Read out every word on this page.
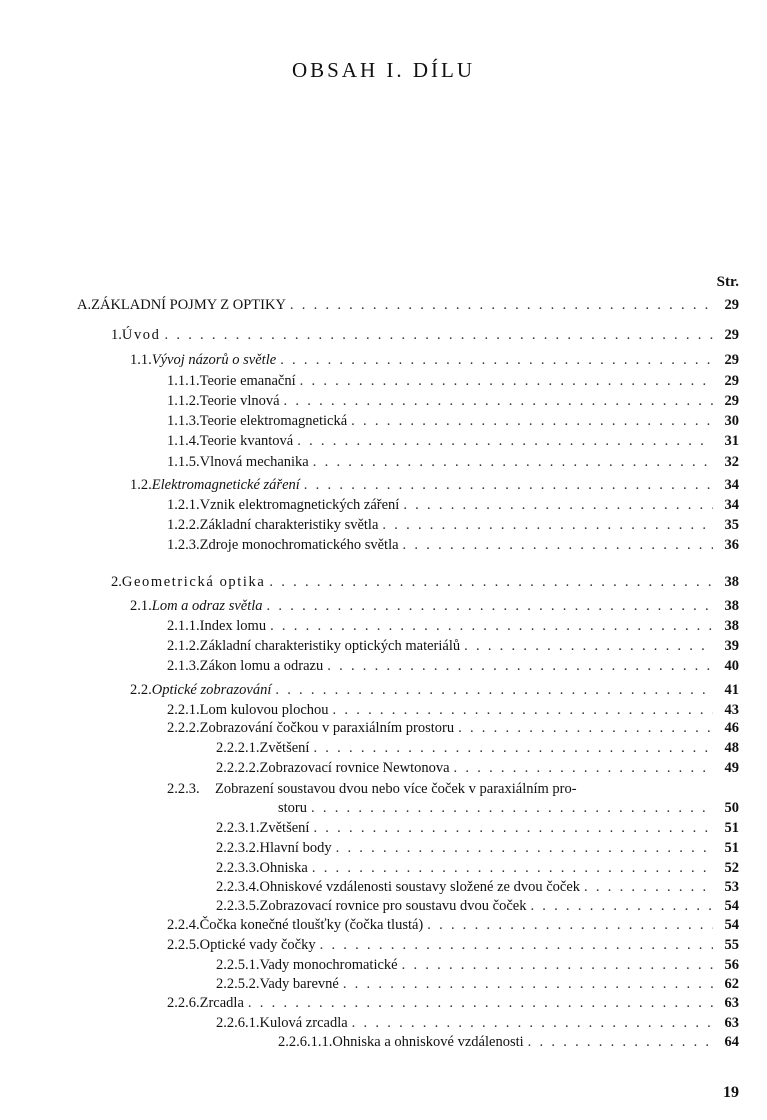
OBSAH I. DÍLU
Str.
A. ZÁKLADNÍ POJMY Z OPTIKY . . .	29
1. Úvod . . .	29
1.1. Vývoj názorů o světle . . .	29
1.1.1. Teorie emanační . . .	29
1.1.2. Teorie vlnová . . .	29
1.1.3. Teorie elektromagnetická . . .	30
1.1.4. Teorie kvantová . . .	31
1.1.5. Vlnová mechanika . . .	32
1.2. Elektromagnetické záření . . .	34
1.2.1. Vznik elektromagnetických záření . . .	34
1.2.2. Základní charakteristiky světla . . .	35
1.2.3. Zdroje monochromatického světla . . .	36
2. Geometrická optika . . .	38
2.1. Lom a odraz světla . . .	38
2.1.1. Index lomu . . .	38
2.1.2. Základní charakteristiky optických materiálů . . .	39
2.1.3. Zákon lomu a odrazu . . .	40
2.2. Optické zobrazování . . .	41
2.2.1. Lom kulovou plochou . . .	43
2.2.2. Zobrazování čočkou v paraxiálním prostoru . . .	46
2.2.2.1. Zvětšení . . .	48
2.2.2.2. Zobrazovací rovnice Newtonova . . .	49
2.2.3.	Zobrazení soustavou dvou nebo více čoček v paraxiálním pro-
storu . . .	50
2.2.3.1. Zvětšení . . .	51
2.2.3.2. Hlavní body . . .	51
2.2.3.3. Ohniska . . .	52
2.2.3.4. Ohniskové vzdálenosti soustavy složené ze dvou čoček . . .	53
2.2.3.5. Zobrazovací rovnice pro soustavu dvou čoček . . .	54
2.2.4. Čočka konečné tloušťky (čočka tlustá) . . .	54
2.2.5. Optické vady čočky . . .	55
2.2.5.1. Vady monochromatické . . .	56
2.2.5.2. Vady barevné . . .	62
2.2.6. Zrcadla . . .	63
2.2.6.1. Kulová zrcadla . . .	63
2.2.6.1.1. Ohniska a ohniskové vzdálenosti . . .	64
19
